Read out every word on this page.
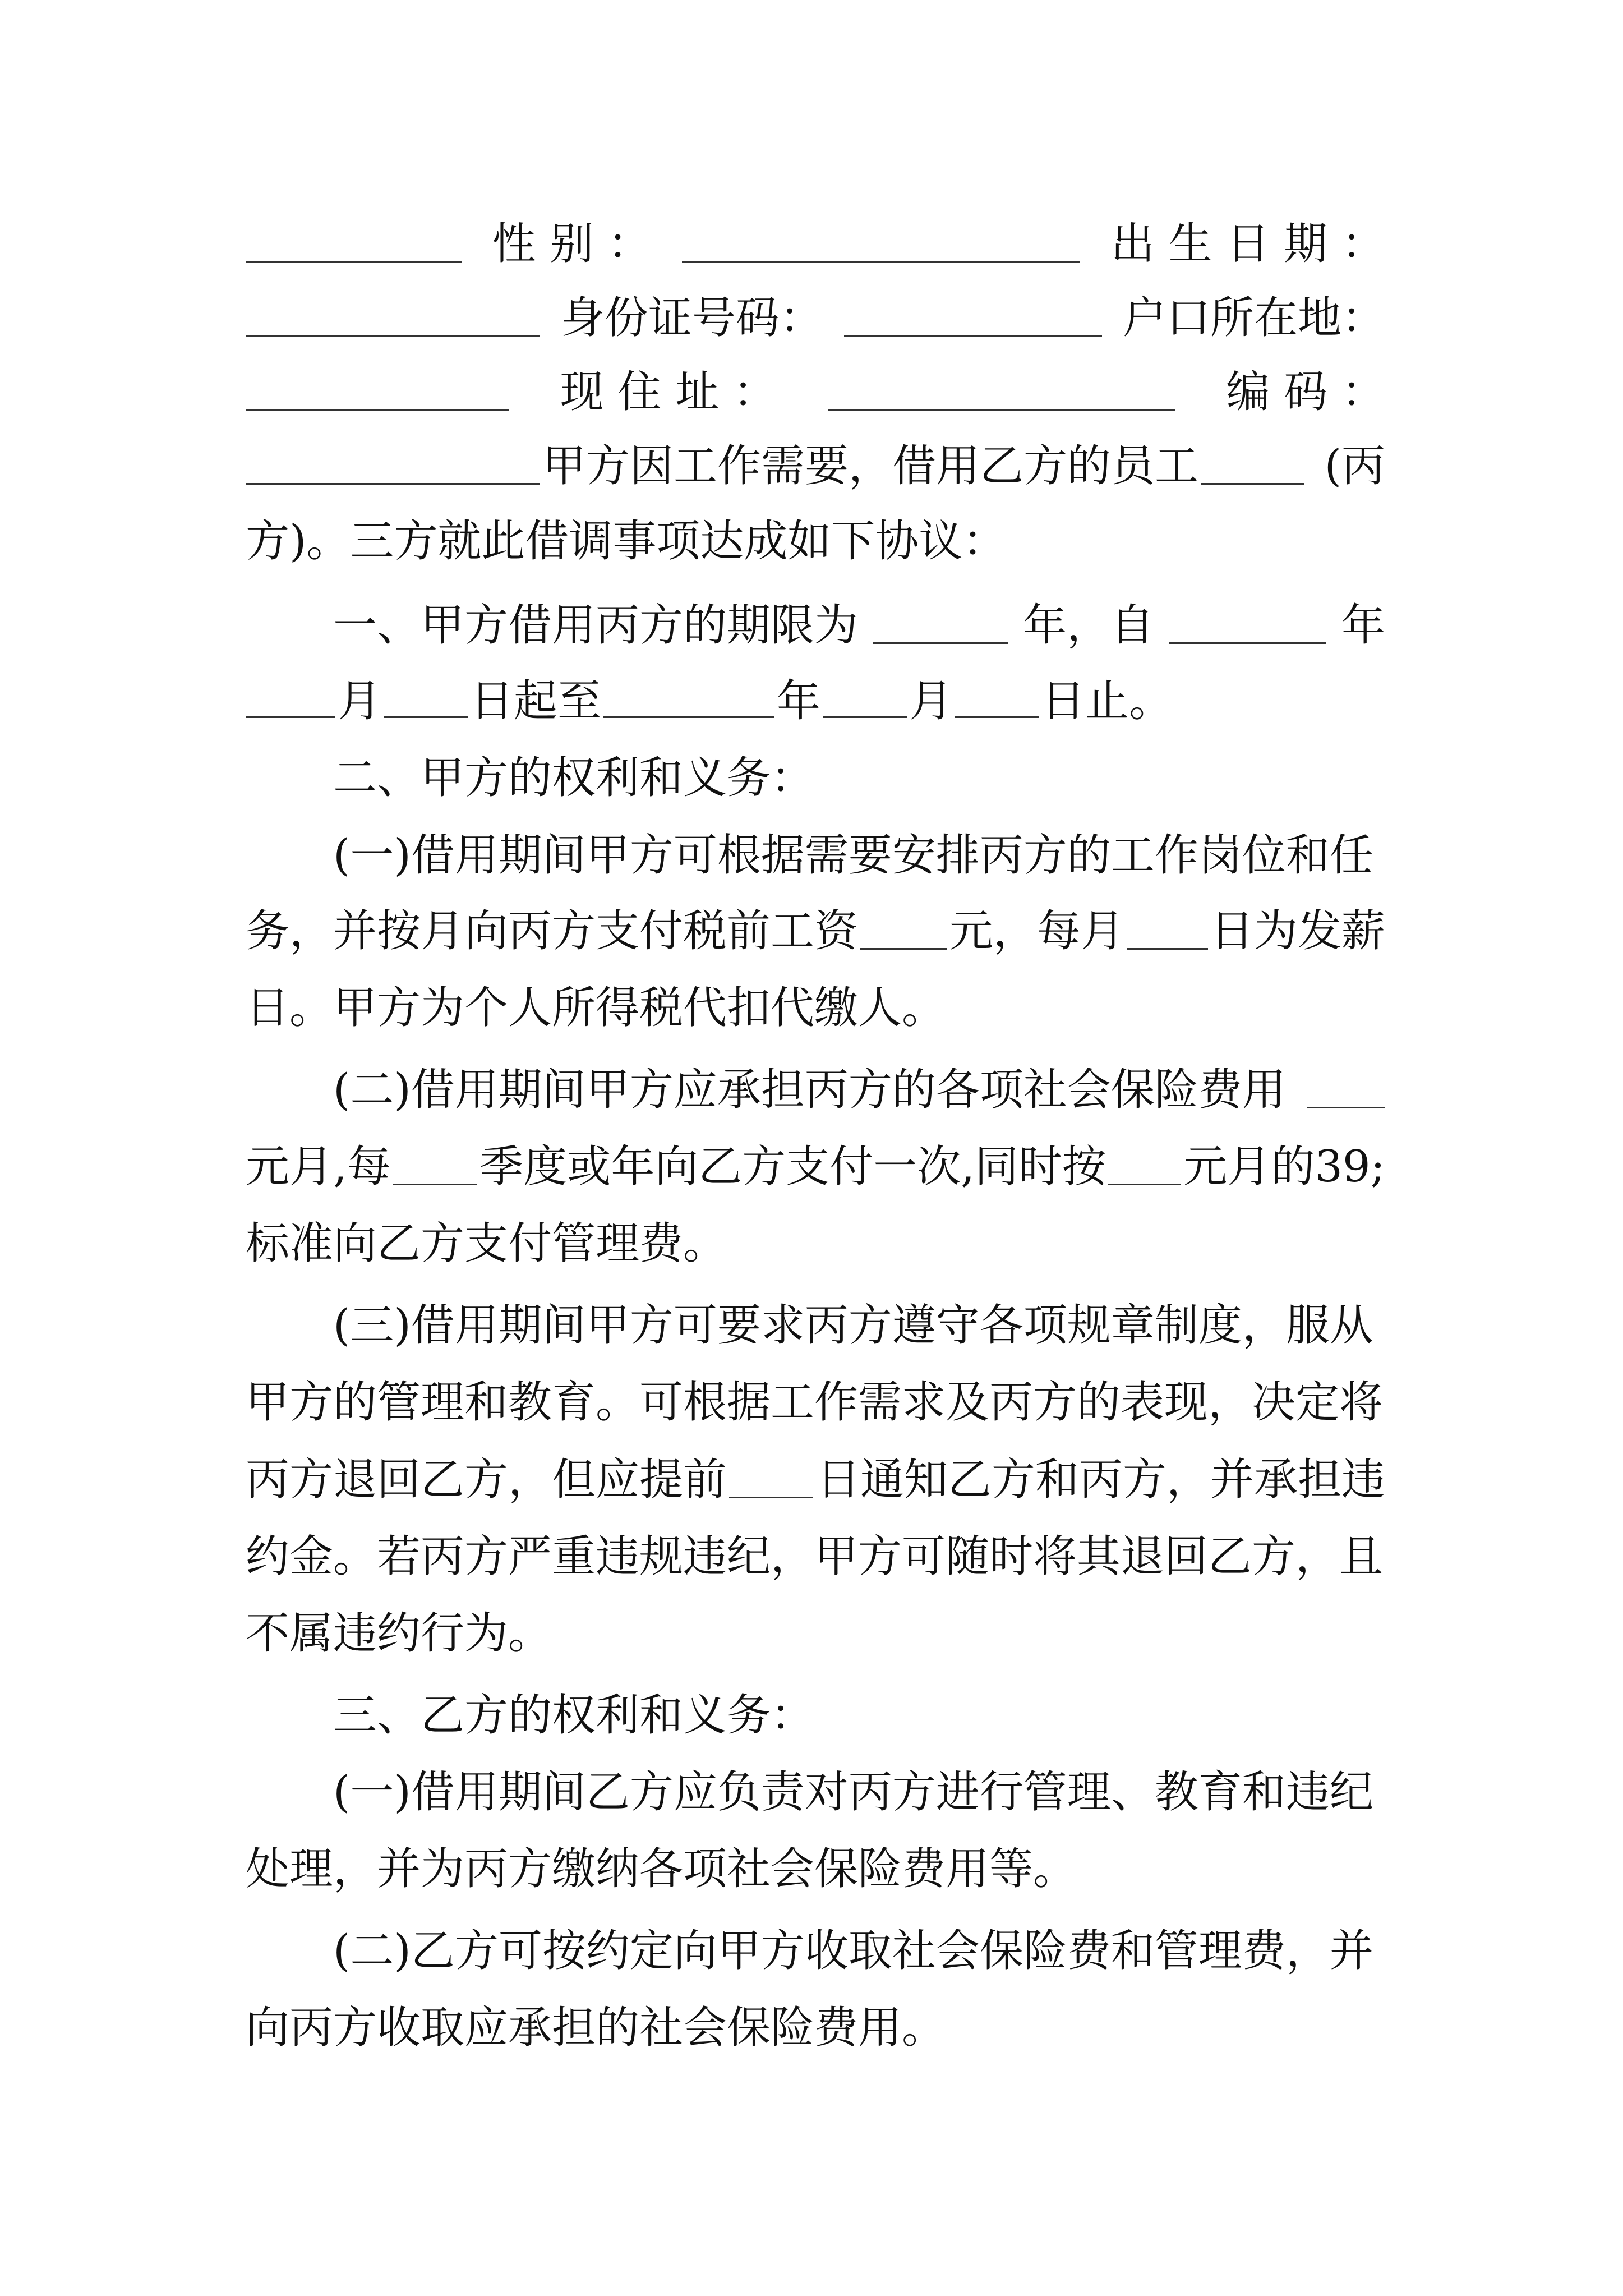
性 别 ：	出 生 日 期 ：
身份证号码：	户口所在地：
现 住 址 ：	编 码 ：
甲方因工作需要，借用乙方的员工	(丙
方)。三方就此借调事项达成如下协议：
一、甲方借用丙方的期限为	年，自	年
月 日起至	年 月 日止。
二、甲方的权利和义务：
(一)借用期间甲方可根据需要安排丙方的工作岗位和任
务，并按月向丙方支付税前工资 元，每月 日为发薪
日。甲方为个人所得税代扣代缴人。
(二)借用期间甲方应承担丙方的各项社会保险费用
元月,每 季度或年向乙方支付一次,同时按 元月的39;
标准向乙方支付管理费。
(三)借用期间甲方可要求丙方遵守各项规章制度，服从
甲方的管理和教育。可根据工作需求及丙方的表现，决定将
丙方退回乙方，但应提前 日通知乙方和丙方，并承担违
约金。若丙方严重违规违纪，甲方可随时将其退回乙方，且
不属违约行为。
三、乙方的权利和义务：
(一)借用期间乙方应负责对丙方进行管理、教育和违纪
处理，并为丙方缴纳各项社会保险费用等。
(二)乙方可按约定向甲方收取社会保险费和管理费，并
向丙方收取应承担的社会保险费用。
